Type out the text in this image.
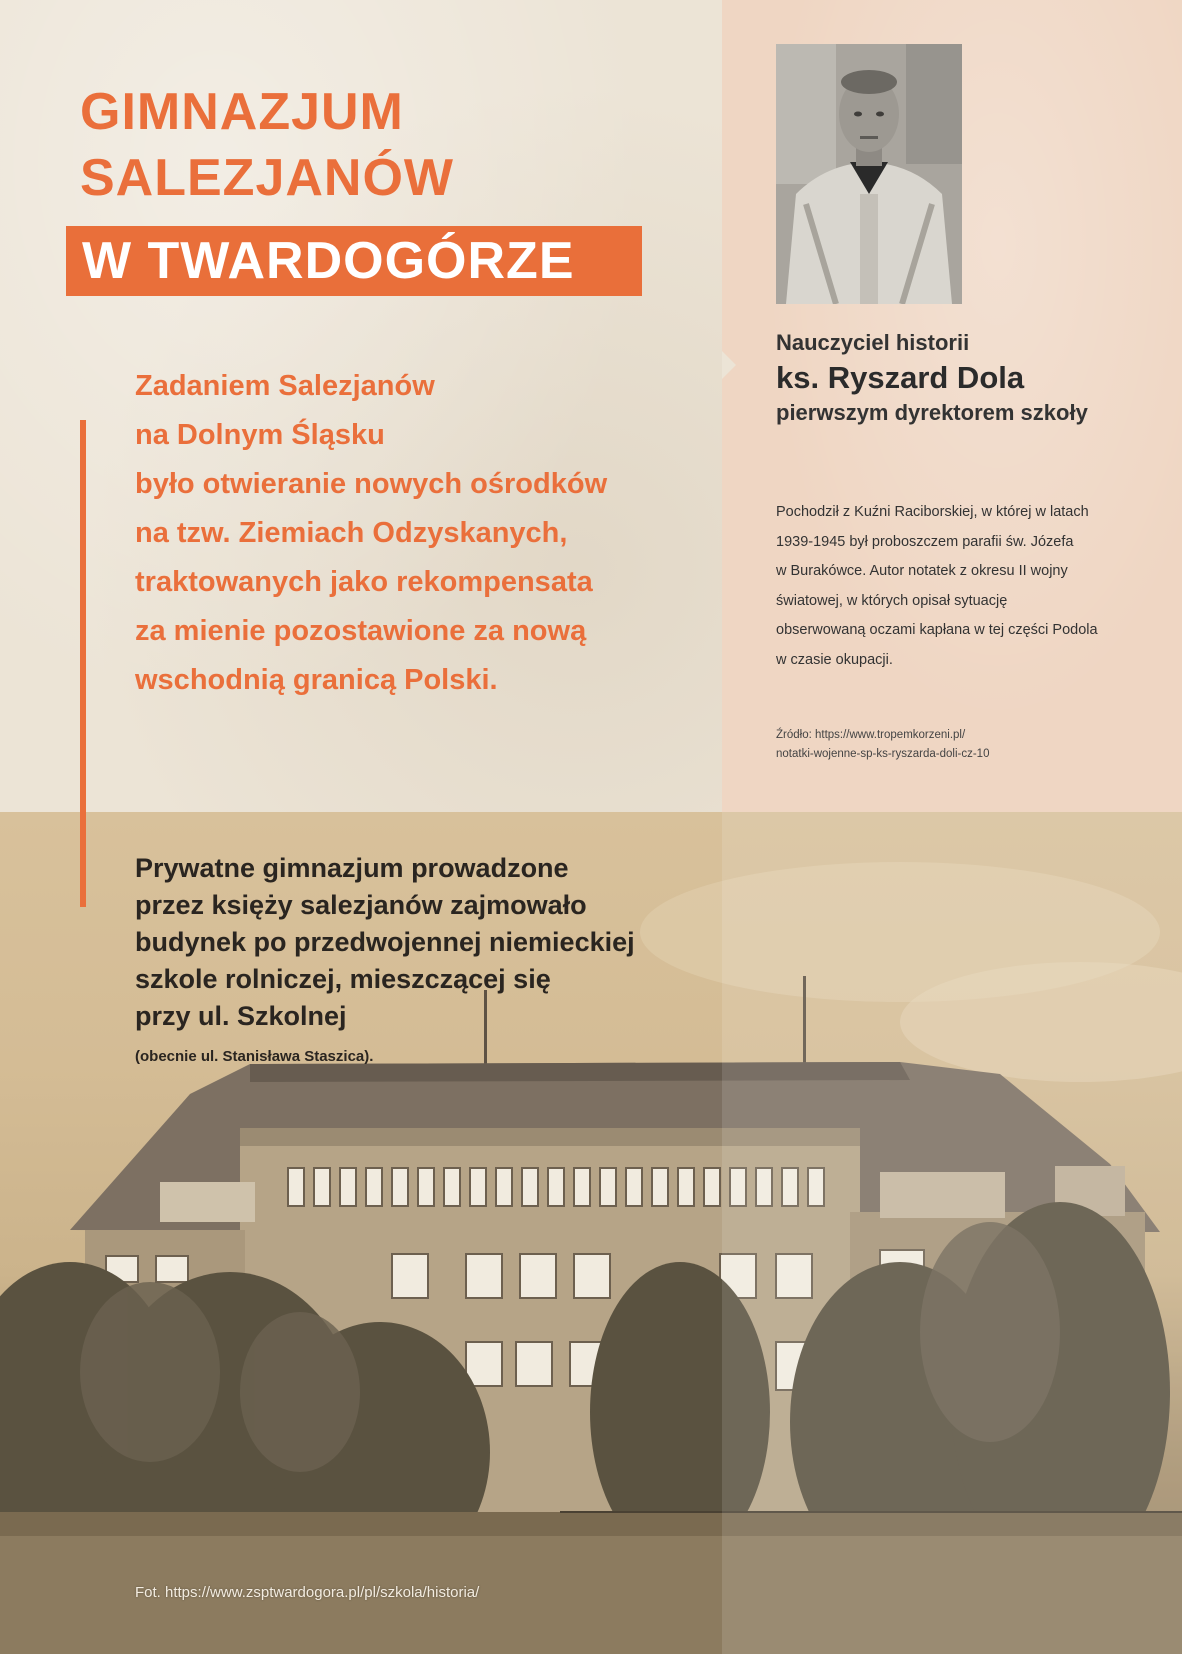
GIMNAZJUM
SALEZJANÓW
W TWARDOGÓRZE

Zadaniem Salezjanów
na Dolnym Śląsku
było otwieranie nowych ośrodków
na tzw. Ziemiach Odzyskanych,
traktowanych jako rekompensata
za mienie pozostawione za nową
wschodnią granicą Polski.

Nauczyciel historii

ks. Ryszard Dola

pierwszym dyrektorem szkoły

Pochodził z Kuźni Raciborskiej, w której w latach
1939-1945 był proboszczem parafii św. Józefa
w Burakówce. Autor notatek z okresu II wojny
światowej, w których opisał sytuację
obserwowaną oczami kapłana w tej części Podola
w czasie okupacji.

Źródło: https://www.tropemkorzeni.pl/
notatki-wojenne-sp-ks-ryszarda-doli-cz-10

Prywatne gimnazjum prowadzone
przez księży salezjanów zajmowało
budynek po przedwojennej niemieckiej
szkole rolniczej, mieszczącej się
przy ul. Szkolnej

(obecnie ul. Stanisława Staszica).

Fot. https://www.zsptwardogora.pl/pl/szkola/historia/
